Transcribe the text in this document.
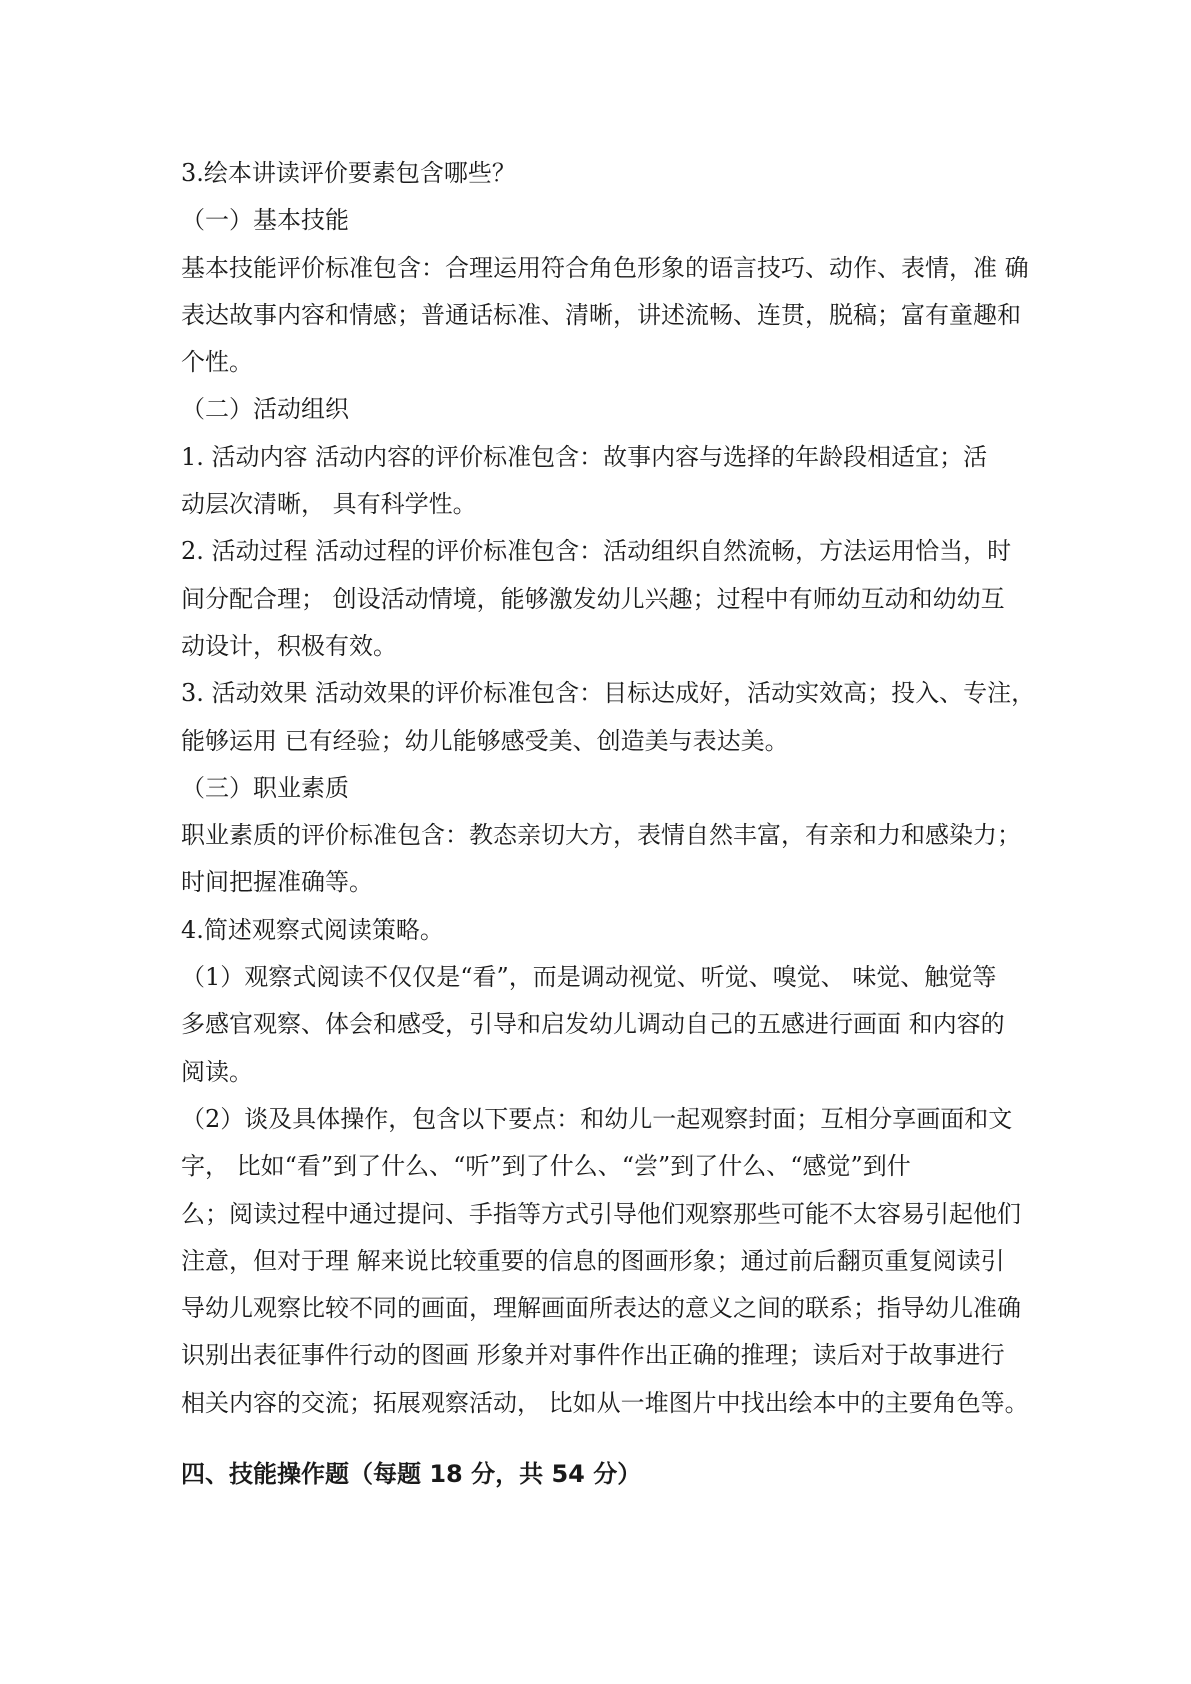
3.绘本讲读评价要素包含哪些？
（一）基本技能
基本技能评价标准包含：合理运用符合角色形象的语言技巧、动作、表情，准 确
表达故事内容和情感；普通话标准、清晰，讲述流畅、连贯，脱稿；富有童趣和
个性。
（二）活动组织
1. 活动内容 活动内容的评价标准包含：故事内容与选择的年龄段相适宜；活
动层次清晰， 具有科学性。
2. 活动过程 活动过程的评价标准包含：活动组织自然流畅，方法运用恰当，时
间分配合理； 创设活动情境，能够激发幼儿兴趣；过程中有师幼互动和幼幼互
动设计，积极有效。
3. 活动效果 活动效果的评价标准包含：目标达成好，活动实效高；投入、专注，
能够运用 已有经验；幼儿能够感受美、创造美与表达美。
（三）职业素质
职业素质的评价标准包含：教态亲切大方，表情自然丰富，有亲和力和感染力；
时间把握准确等。
4.简述观察式阅读策略。
（1）观察式阅读不仅仅是“看”，而是调动视觉、听觉、嗅觉、 味觉、触觉等
多感官观察、体会和感受，引导和启发幼儿调动自己的五感进行画面 和内容的
阅读。
（2）谈及具体操作，包含以下要点：和幼儿一起观察封面；互相分享画面和文
字， 比如“看”到了什么、“听”到了什么、“尝”到了什么、“感觉”到什
么；阅读过程中通过提问、手指等方式引导他们观察那些可能不太容易引起他们
注意，但对于理 解来说比较重要的信息的图画形象；通过前后翻页重复阅读引
导幼儿观察比较不同的画面，理解画面所表达的意义之间的联系；指导幼儿准确
识别出表征事件行动的图画 形象并对事件作出正确的推理；读后对于故事进行
相关内容的交流；拓展观察活动， 比如从一堆图片中找出绘本中的主要角色等。
四、技能操作题（每题 18 分，共 54 分）
